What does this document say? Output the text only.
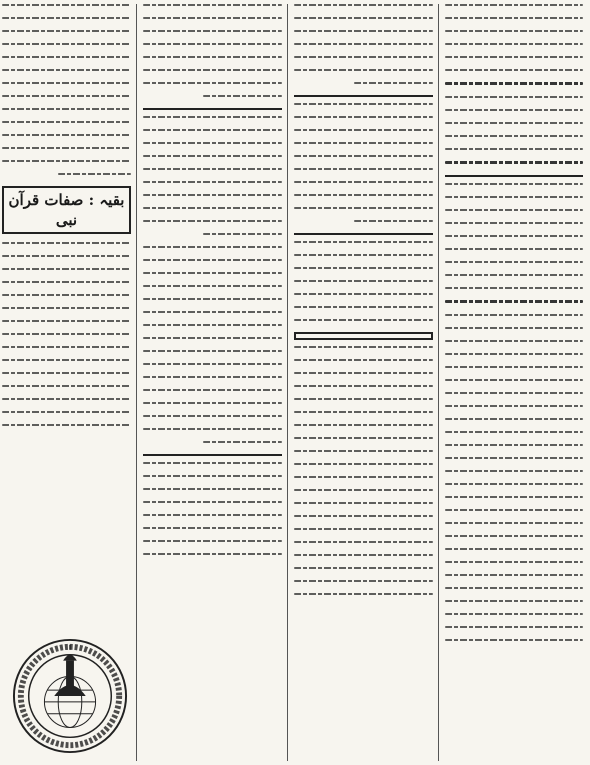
بقیہ : صفات قرآن نبی
